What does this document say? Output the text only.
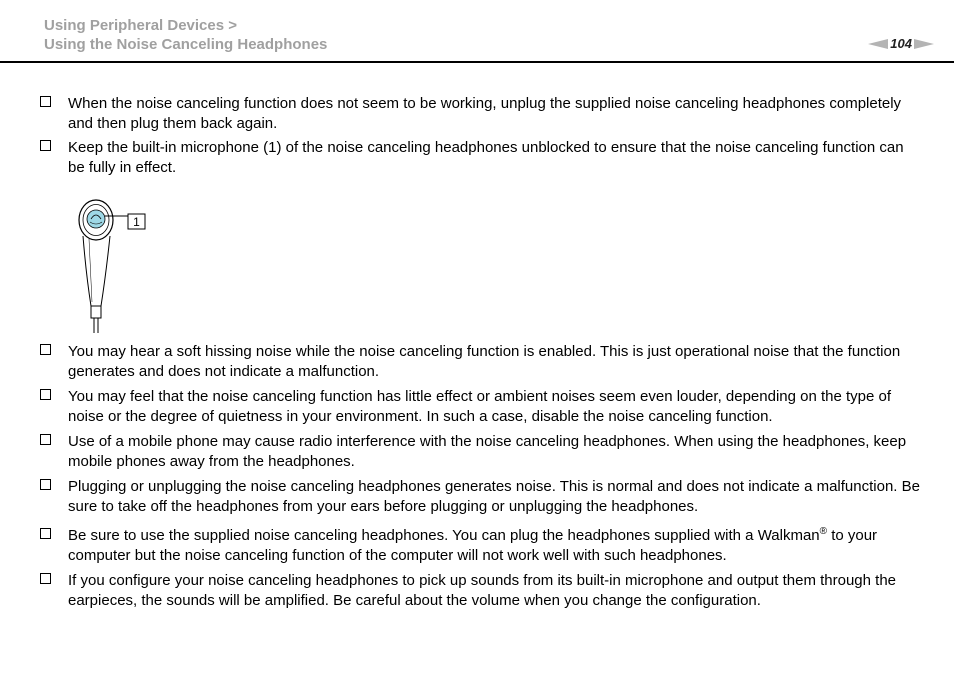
Using Peripheral Devices >
Using the Noise Canceling Headphones	104
When the noise canceling function does not seem to be working, unplug the supplied noise canceling headphones completely and then plug them back again.
Keep the built-in microphone (1) of the noise canceling headphones unblocked to ensure that the noise canceling function can be fully in effect.
1
You may hear a soft hissing noise while the noise canceling function is enabled. This is just operational noise that the function generates and does not indicate a malfunction.
You may feel that the noise canceling function has little effect or ambient noises seem even louder, depending on the type of noise or the degree of quietness in your environment. In such a case, disable the noise canceling function.
Use of a mobile phone may cause radio interference with the noise canceling headphones. When using the headphones, keep mobile phones away from the headphones.
Plugging or unplugging the noise canceling headphones generates noise. This is normal and does not indicate a malfunction. Be sure to take off the headphones from your ears before plugging or unplugging the headphones.
Be sure to use the supplied noise canceling headphones. You can plug the headphones supplied with a Walkman® to your computer but the noise canceling function of the computer will not work well with such headphones.
If you configure your noise canceling headphones to pick up sounds from its built-in microphone and output them through the earpieces, the sounds will be amplified. Be careful about the volume when you change the configuration.
